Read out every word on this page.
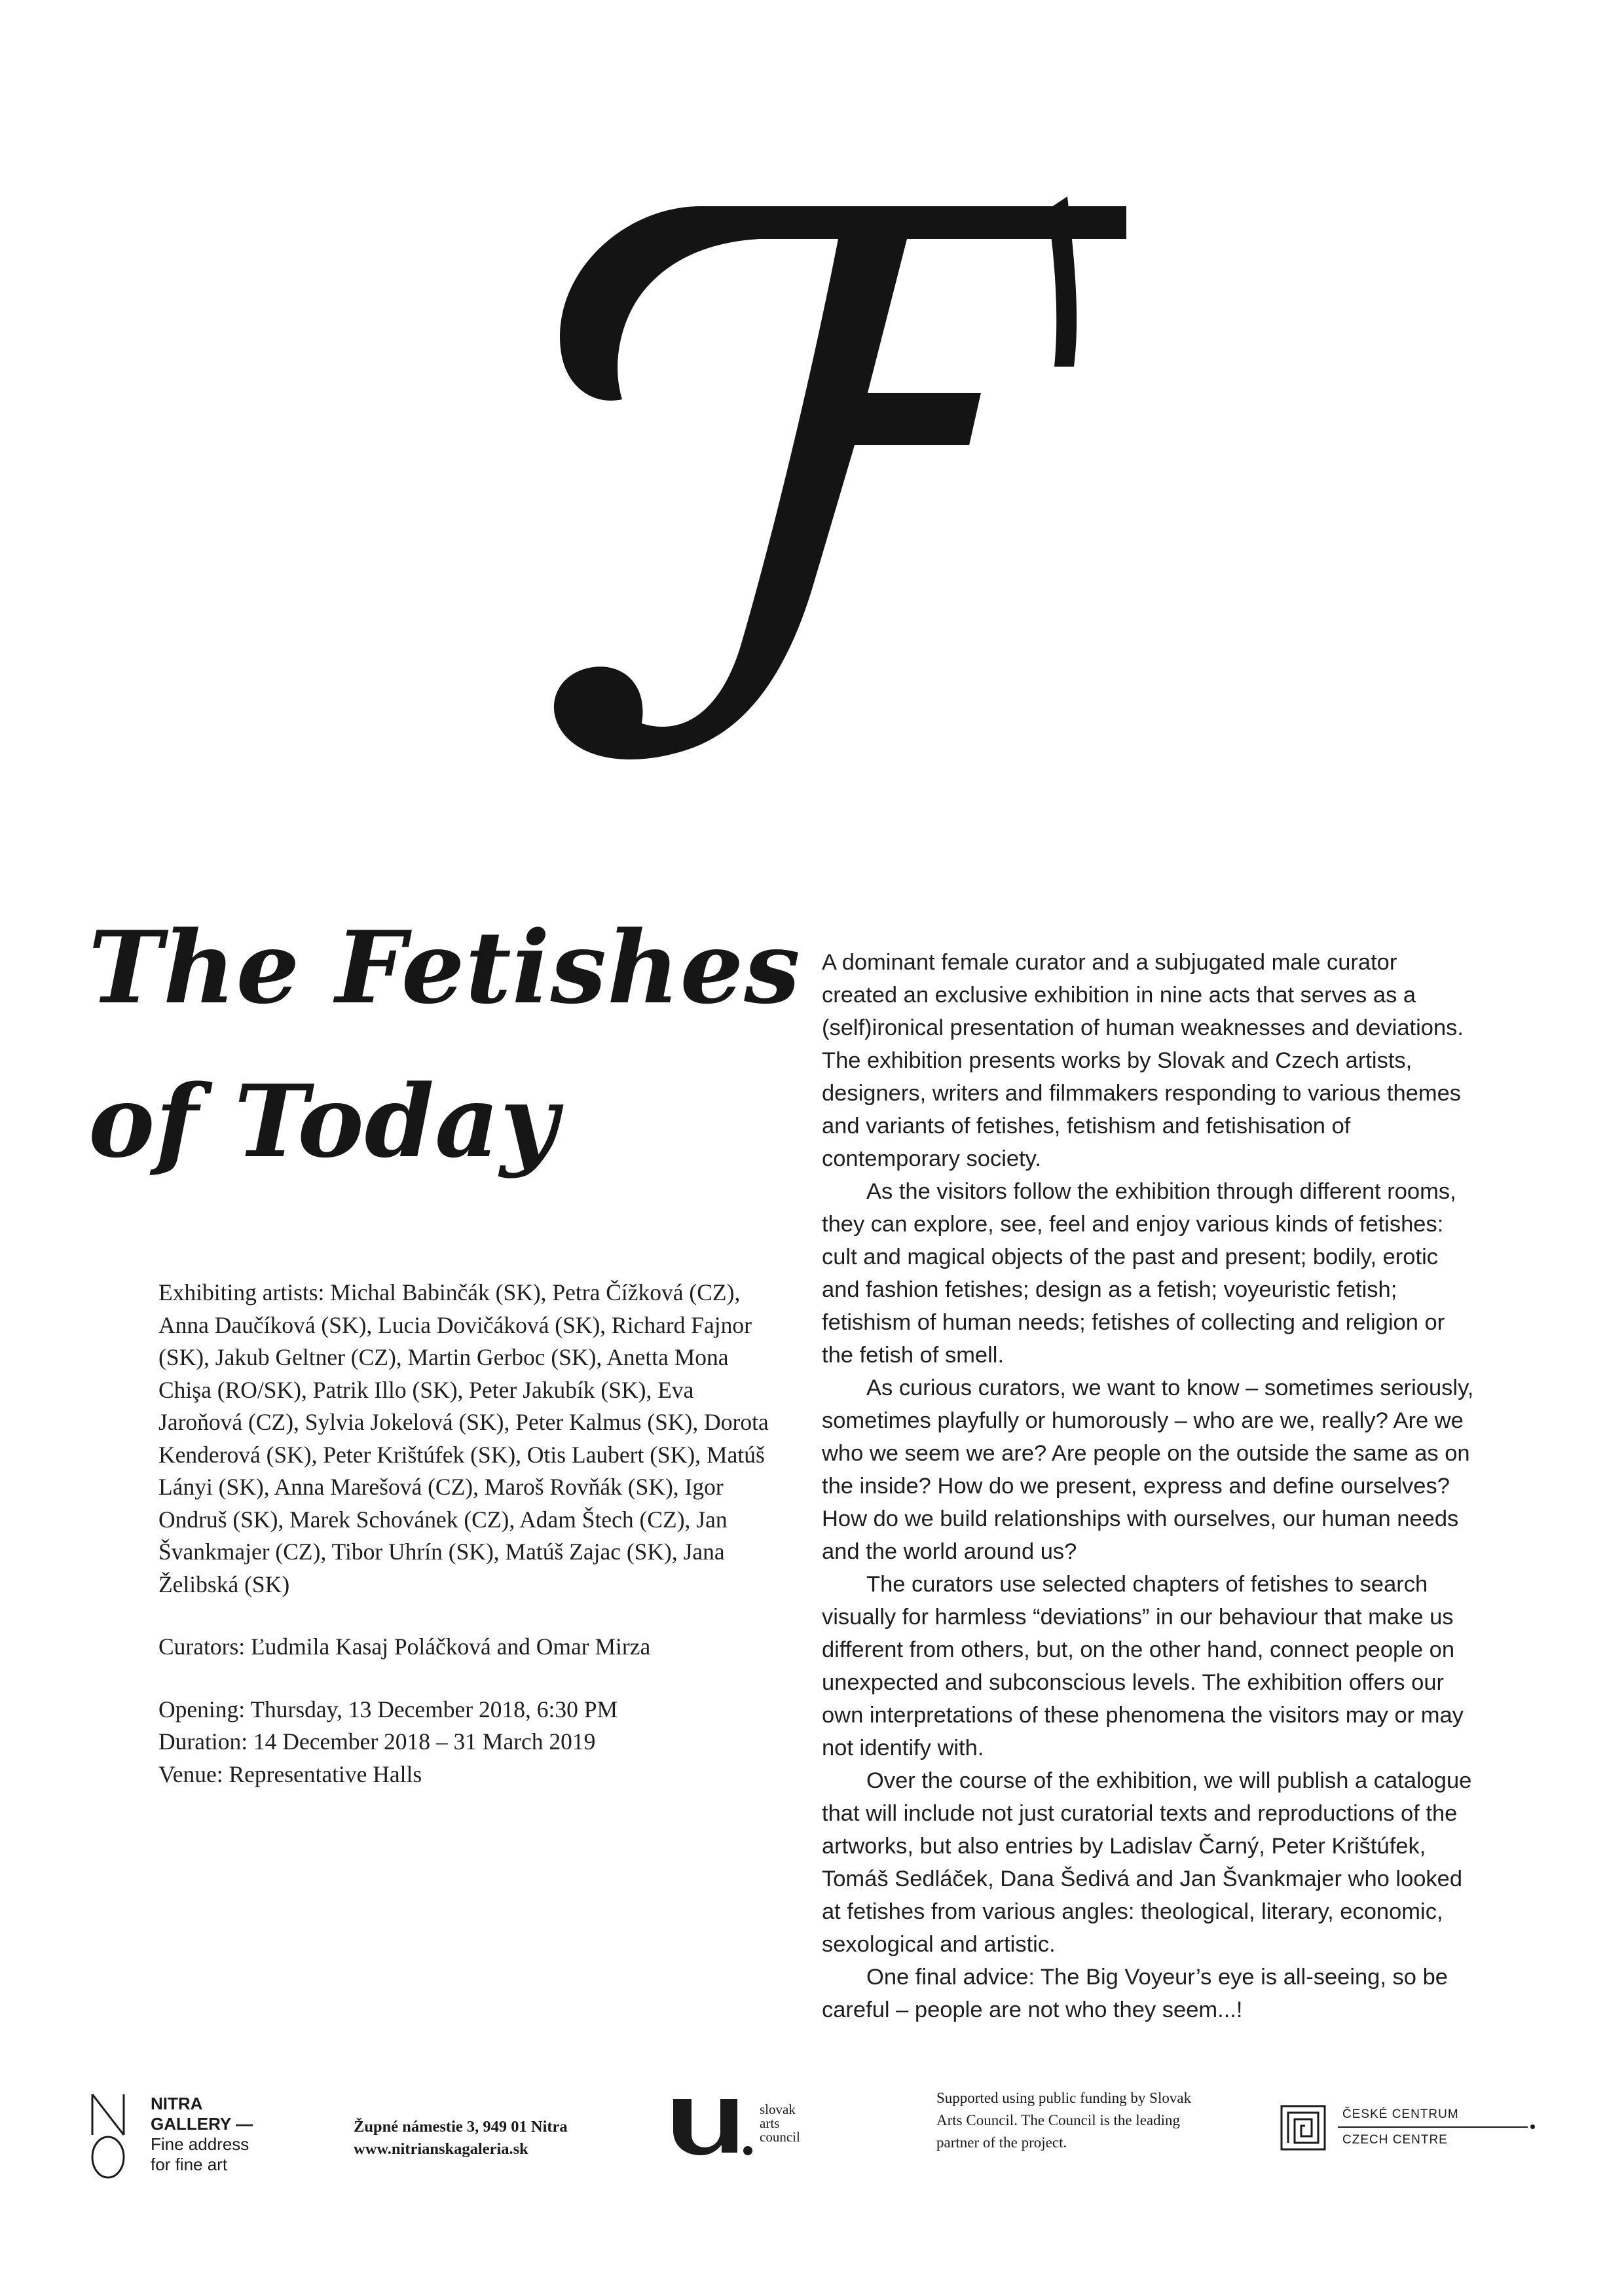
The Fetishes
of Today

Exhibiting artists: Michal Babinčák (SK), Petra Čížková (CZ), Anna Daučíková (SK), Lucia Dovičáková (SK), Richard Fajnor (SK), Jakub Geltner (CZ), Martin Gerboc (SK), Anetta Mona Chişa (RO/SK), Patrik Illo (SK), Peter Jakubík (SK), Eva Jaroňová (CZ), Sylvia Jokelová (SK), Peter Kalmus (SK), Dorota Kenderová (SK), Peter Krištúfek (SK), Otis Laubert (SK), Matúš Lányi (SK), Anna Marešová (CZ), Maroš Rovňák (SK), Igor Ondruš (SK), Marek Schovánek (CZ), Adam Štech (CZ), Jan Švankmajer (CZ), Tibor Uhrín (SK), Matúš Zajac (SK), Jana Želibská (SK)

Curators: Ľudmila Kasaj Poláčková and Omar Mirza

Opening: Thursday, 13 December 2018, 6:30 PM

Duration: 14 December 2018 – 31 March 2019

Venue: Representative Halls

A dominant female curator and a subjugated male curator created an exclusive exhibition in nine acts that serves as a (self)ironical presentation of human weaknesses and deviations. The exhibition presents works by Slovak and Czech artists, designers, writers and filmmakers responding to various themes and variants of fetishes, fetishism and fetishisation of contemporary society.

As the visitors follow the exhibition through different rooms, they can explore, see, feel and enjoy various kinds of fetishes: cult and magical objects of the past and present; bodily, erotic and fashion fetishes; design as a fetish; voyeuristic fetish; fetishism of human needs; fetishes of collecting and religion or the fetish of smell.

As curious curators, we want to know – sometimes seriously, sometimes playfully or humorously – who are we, really? Are we who we seem we are? Are people on the outside the same as on the inside? How do we present, express and define ourselves? How do we build relationships with ourselves, our human needs and the world around us?

The curators use selected chapters of fetishes to search visually for harmless “deviations” in our behaviour that make us different from others, but, on the other hand, connect people on unexpected and subconscious levels. The exhibition offers our own interpretations of these phenomena the visitors may or may not identify with.

Over the course of the exhibition, we will publish a catalogue that will include not just curatorial texts and reproductions of the artworks, but also entries by Ladislav Čarný, Peter Krištúfek, Tomáš Sedláček, Dana Šedivá and Jan Švankmajer who looked at fetishes from various angles: theological, literary, economic, sexological and artistic.

One final advice: The Big Voyeur’s eye is all-seeing, so be careful – people are not who they seem...!

NITRA
GALLERY —
Fine address
for fine art
Župné námestie 3, 949 01 Nitra
www.nitrianskagaleria.sk
slovak
arts
council
Supported using public funding by Slovak Arts Council. The Council is the leading partner of the project.
ČESKÉ CENTRUM
CZECH CENTRE
